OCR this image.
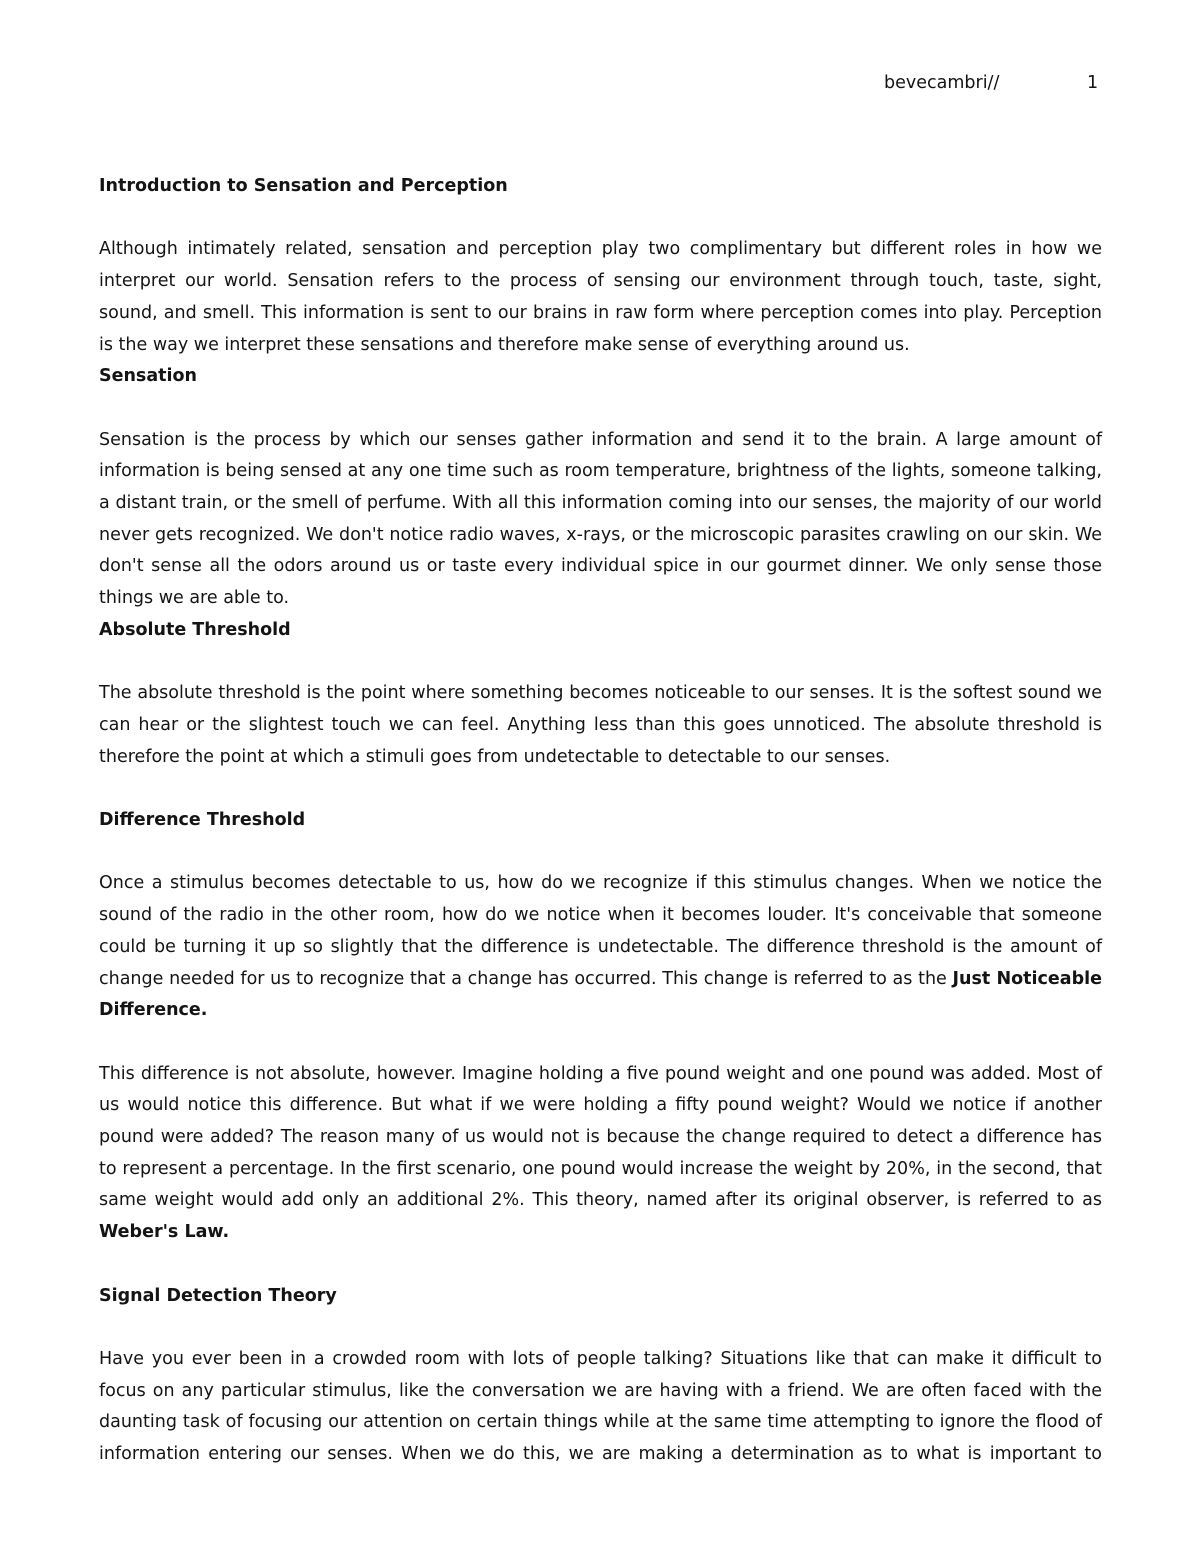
bevecambri//	1
Introduction to Sensation and Perception

Although intimately related, sensation and perception play two complimentary but different roles in how we interpret our world. Sensation refers to the process of sensing our environment through touch, taste, sight, sound, and smell. This information is sent to our brains in raw form where perception comes into play. Perception is the way we interpret these sensations and therefore make sense of everything around us.

Sensation

Sensation is the process by which our senses gather information and send it to the brain. A large amount of information is being sensed at any one time such as room temperature, brightness of the lights, someone talking, a distant train, or the smell of perfume. With all this information coming into our senses, the majority of our world never gets recognized. We don't notice radio waves, x-rays, or the microscopic parasites crawling on our skin. We don't sense all the odors around us or taste every individual spice in our gourmet dinner. We only sense those things we are able to.

Absolute Threshold

The absolute threshold is the point where something becomes noticeable to our senses. It is the softest sound we can hear or the slightest touch we can feel. Anything less than this goes unnoticed. The absolute threshold is therefore the point at which a stimuli goes from undetectable to detectable to our senses.

Difference Threshold

Once a stimulus becomes detectable to us, how do we recognize if this stimulus changes. When we notice the sound of the radio in the other room, how do we notice when it becomes louder. It's conceivable that someone could be turning it up so slightly that the difference is undetectable. The difference threshold is the amount of change needed for us to recognize that a change has occurred. This change is referred to as the Just Noticeable Difference.

This difference is not absolute, however. Imagine holding a five pound weight and one pound was added. Most of us would notice this difference. But what if we were holding a fifty pound weight? Would we notice if another pound were added? The reason many of us would not is because the change required to detect a difference has to represent a percentage. In the first scenario, one pound would increase the weight by 20%, in the second, that same weight would add only an additional 2%. This theory, named after its original observer, is referred to as Weber's Law.

Signal Detection Theory

Have you ever been in a crowded room with lots of people talking? Situations like that can make it difficult to focus on any particular stimulus, like the conversation we are having with a friend. We are often faced with the daunting task of focusing our attention on certain things while at the same time attempting to ignore the flood of information entering our senses. When we do this, we are making a determination as to what is important to
